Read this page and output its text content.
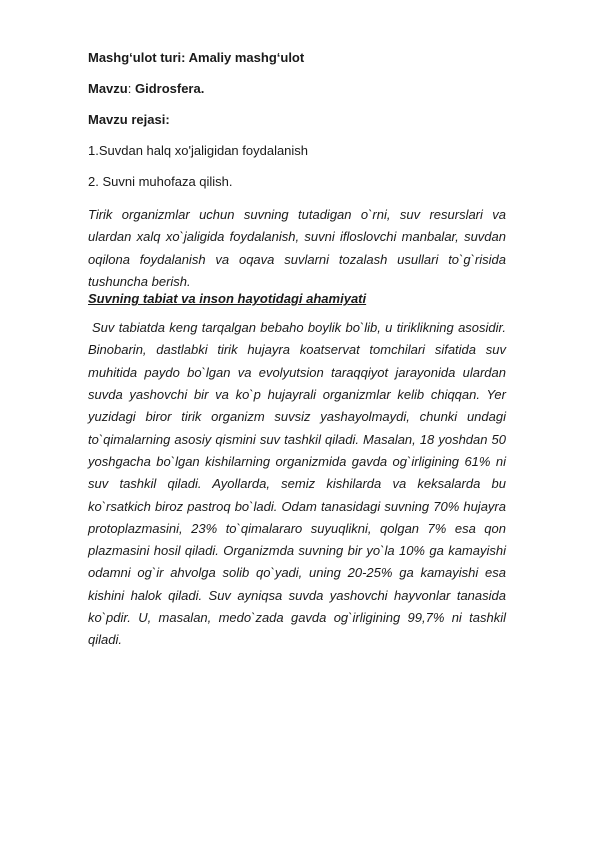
Mashg‘ulot turi: Amaliy mashg‘ulot

Mavzu: Gidrosfera.

Mavzu rejasi:

1.Suvdan halq xo'jaligidan foydalanish

2. Suvni muhofaza qilish.

Tirik organizmlar uchun suvning tutadigan o`rni, suv resurslari va ulardan xalq xo`jaligida foydalanish, suvni ifloslovchi manbalar, suvdan oqilona foydalanish va oqava suvlarni tozalash usullari to`g`risida tushuncha berish.

Suvning tabiat va inson hayotidagi ahamiyati

Suv tabiatda keng tarqalgan bebaho boylik bo`lib, u tiriklikning asosidir. Binobarin, dastlabki tirik hujayra koatservat tomchilari sifatida suv muhitida paydo bo`lgan va evolyutsion taraqqiyot jarayonida ulardan suvda yashovchi bir va ko`p hujayrali organizmlar kelib chiqqan. Yer yuzidagi biror tirik organizm suvsiz yashayolmaydi, chunki undagi to`qimalarning asosiy qismini suv tashkil qiladi. Masalan, 18 yoshdan 50 yoshgacha bo`lgan kishilarning organizmida gavda og`irligining 61% ni suv tashkil qiladi. Ayollarda, semiz kishilarda va keksalarda bu ko`rsatkich biroz pastroq bo`ladi. Odam tanasidagi suvning 70% hujayra protoplazmasini, 23% to`qimalararo suyuqlikni, qolgan 7% esa qon plazmasini hosil qiladi. Organizmda suvning bir yo`la 10% ga kamayishi odamni og`ir ahvolga solib qo`yadi, uning 20-25% ga kamayishi esa kishini halok qiladi. Suv ayniqsa suvda yashovchi hayvonlar tanasida ko`pdir. U, masalan, medo`zada gavda og`irligining 99,7% ni tashkil qiladi.
